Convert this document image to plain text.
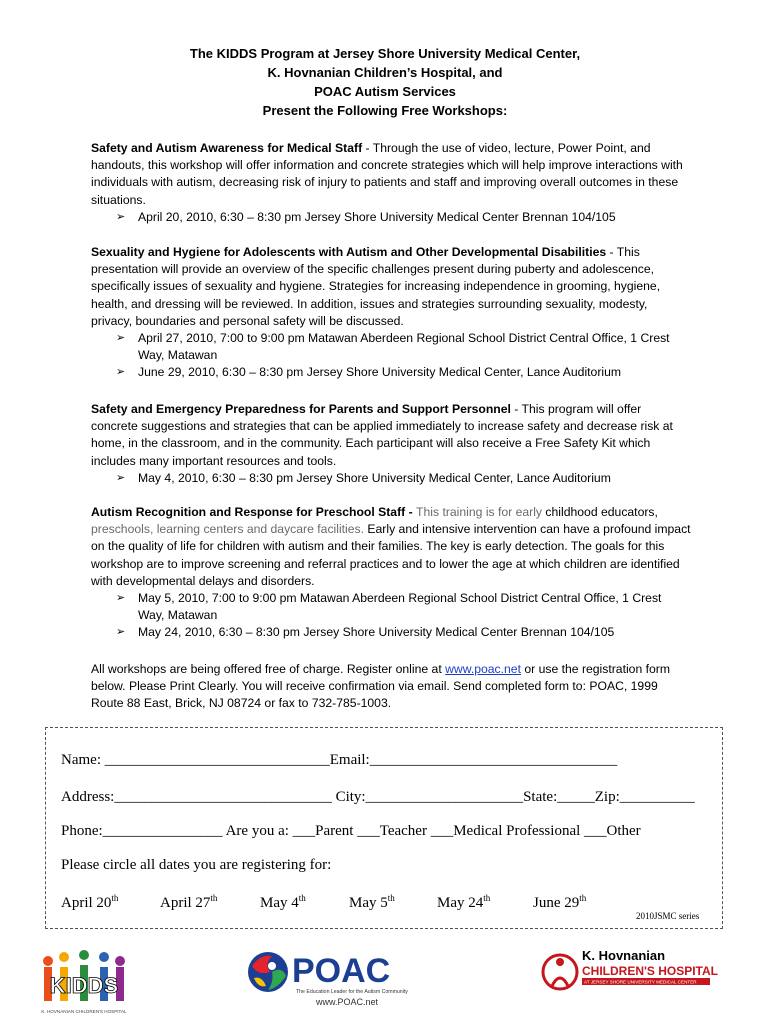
The KIDDS Program at Jersey Shore University Medical Center,
K. Hovnanian Children’s Hospital, and
POAC Autism Services
Present the Following Free Workshops:
Safety and Autism Awareness for Medical Staff - Through the use of video, lecture, Power Point, and handouts, this workshop will offer information and concrete strategies which will help improve interactions with individuals with autism, decreasing risk of injury to patients and staff and improving overall outcomes in these situations.
➢ April 20, 2010, 6:30 – 8:30 pm Jersey Shore University Medical Center Brennan 104/105
Sexuality and Hygiene for Adolescents with Autism and Other Developmental Disabilities - This presentation will provide an overview of the specific challenges present during puberty and adolescence, specifically issues of sexuality and hygiene. Strategies for increasing independence in grooming, hygiene, health, and dressing will be reviewed. In addition, issues and strategies surrounding sexuality, modesty, privacy, boundaries and personal safety will be discussed.
➢ April 27, 2010, 7:00 to 9:00 pm Matawan Aberdeen Regional School District Central Office, 1 Crest Way, Matawan
➢ June 29, 2010, 6:30 – 8:30 pm Jersey Shore University Medical Center, Lance Auditorium
Safety and Emergency Preparedness for Parents and Support Personnel - This program will offer concrete suggestions and strategies that can be applied immediately to increase safety and decrease risk at home, in the classroom, and in the community. Each participant will also receive a Free Safety Kit which includes many important resources and tools.
➢ May 4, 2010, 6:30 – 8:30 pm Jersey Shore University Medical Center, Lance Auditorium
Autism Recognition and Response for Preschool Staff - This training is for early childhood educators, preschools, learning centers and daycare facilities. Early and intensive intervention can have a profound impact on the quality of life for children with autism and their families. The key is early detection. The goals for this workshop are to improve screening and referral practices and to lower the age at which children are identified with developmental delays and disorders.
➢ May 5, 2010, 7:00 to 9:00 pm Matawan Aberdeen Regional School District Central Office, 1 Crest Way, Matawan
➢ May 24, 2010, 6:30 – 8:30 pm Jersey Shore University Medical Center Brennan 104/105
All workshops are being offered free of charge. Register online at www.poac.net or use the registration form below. Please Print Clearly. You will receive confirmation via email. Send completed form to: POAC, 1999 Route 88 East, Brick, NJ 08724 or fax to 732-785-1003.
Name: ______________________________Email:_________________________________
Address:_____________________________ City:_____________________State:_____Zip:__________
Phone:________________ Are you a: ___Parent ___Teacher ___Medical Professional ___Other
Please circle all dates you are registering for:
April 20th	April 27th	May 4th	May 5th	May 24th	June 29th
2010JSMC series
KIDDS
K. HOVNANIAN CHILDREN'S HOSPITAL
POAC
The Education Leader for the Autism Community
www.POAC.net
K. Hovnanian
CHILDREN'S HOSPITAL
AT JERSEY SHORE UNIVERSITY MEDICAL CENTER
